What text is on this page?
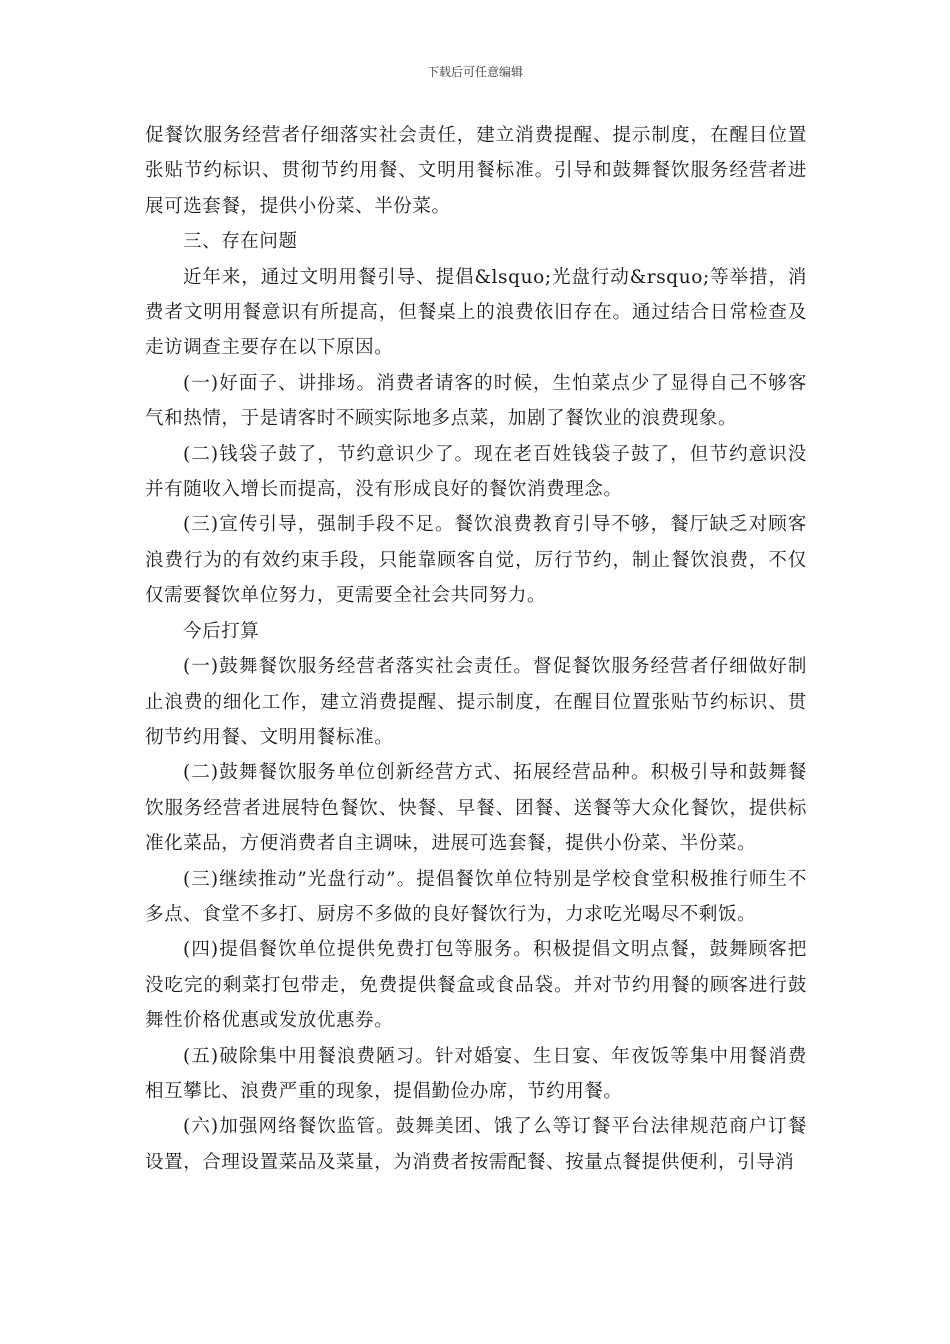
下载后可任意编辑

促餐饮服务经营者仔细落实社会责任，建立消费提醒、提示制度，在醒目位置张贴节约标识、贯彻节约用餐、文明用餐标准。引导和鼓舞餐饮服务经营者进展可选套餐，提供小份菜、半份菜。

三、存在问题

近年来，通过文明用餐引导、提倡&lsquo;光盘行动&rsquo;等举措，消费者文明用餐意识有所提高，但餐桌上的浪费依旧存在。通过结合日常检查及走访调查主要存在以下原因。

(一)好面子、讲排场。消费者请客的时候，生怕菜点少了显得自己不够客气和热情，于是请客时不顾实际地多点菜，加剧了餐饮业的浪费现象。

(二)钱袋子鼓了，节约意识少了。现在老百姓钱袋子鼓了，但节约意识没并有随收入增长而提高，没有形成良好的餐饮消费理念。

(三)宣传引导，强制手段不足。餐饮浪费教育引导不够，餐厅缺乏对顾客浪费行为的有效约束手段，只能靠顾客自觉，厉行节约，制止餐饮浪费，不仅仅需要餐饮单位努力，更需要全社会共同努力。

今后打算

(一)鼓舞餐饮服务经营者落实社会责任。督促餐饮服务经营者仔细做好制止浪费的细化工作，建立消费提醒、提示制度，在醒目位置张贴节约标识、贯彻节约用餐、文明用餐标准。

(二)鼓舞餐饮服务单位创新经营方式、拓展经营品种。积极引导和鼓舞餐饮服务经营者进展特色餐饮、快餐、早餐、团餐、送餐等大众化餐饮，提供标准化菜品，方便消费者自主调味，进展可选套餐，提供小份菜、半份菜。

(三)继续推动”光盘行动”。提倡餐饮单位特别是学校食堂积极推行师生不多点、食堂不多打、厨房不多做的良好餐饮行为，力求吃光喝尽不剩饭。

(四)提倡餐饮单位提供免费打包等服务。积极提倡文明点餐，鼓舞顾客把没吃完的剩菜打包带走，免费提供餐盒或食品袋。并对节约用餐的顾客进行鼓舞性价格优惠或发放优惠券。

(五)破除集中用餐浪费陋习。针对婚宴、生日宴、年夜饭等集中用餐消费相互攀比、浪费严重的现象，提倡勤俭办席，节约用餐。

(六)加强网络餐饮监管。鼓舞美团、饿了么等订餐平台法律规范商户订餐设置，合理设置菜品及菜量，为消费者按需配餐、按量点餐提供便利，引导消
